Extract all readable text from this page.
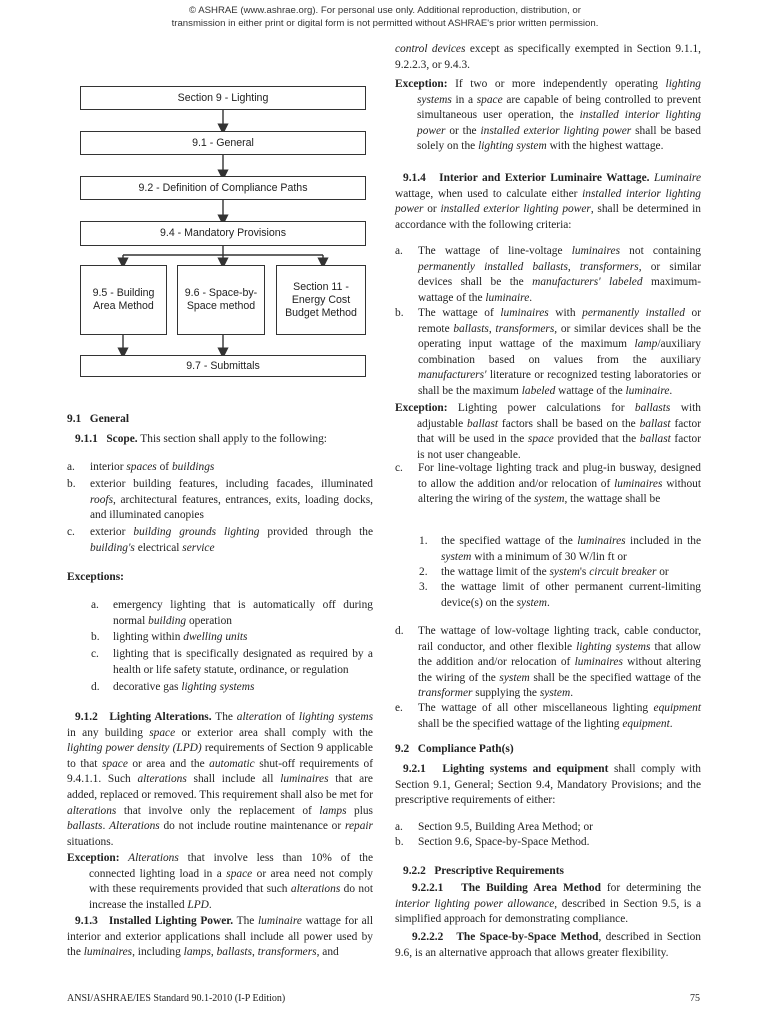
© ASHRAE (www.ashrae.org). For personal use only. Additional reproduction, distribution, or
transmission in either print or digital form is not permitted without ASHRAE's prior written permission.
Section 9 - Lighting
9.1 - General
9.2 - Definition of Compliance Paths
9.4 - Mandatory Provisions
9.5 - Building
Area Method
9.6 - Space-by-
Space method
Section 11 -
Energy Cost
Budget Method
9.7 - Submittals
9.1 General
9.1.1 Scope. This section shall apply to the following:
a. interior spaces of buildings
b. exterior building features, including facades, illuminated roofs, architectural features, entrances, exits, loading docks, and illuminated canopies
c. exterior building grounds lighting provided through the building's electrical service
Exceptions:
a. emergency lighting that is automatically off during normal building operation
b. lighting within dwelling units
c. lighting that is specifically designated as required by a health or life safety statute, ordinance, or regulation
d. decorative gas lighting systems
9.1.2 Lighting Alterations. The alteration of lighting systems in any building space or exterior area shall comply with the lighting power density (LPD) requirements of Section 9 applicable to that space or area and the automatic shut-off requirements of 9.4.1.1. Such alterations shall include all luminaires that are added, replaced or removed. This requirement shall also be met for alterations that involve only the replacement of lamps plus ballasts. Alterations do not include routine maintenance or repair situations.
Exception: Alterations that involve less than 10% of the connected lighting load in a space or area need not comply with these requirements provided that such alterations do not increase the installed LPD.
9.1.3 Installed Lighting Power. The luminaire wattage for all interior and exterior applications shall include all power used by the luminaires, including lamps, ballasts, transformers, and
control devices except as specifically exempted in Section 9.1.1, 9.2.2.3, or 9.4.3.
Exception: If two or more independently operating lighting systems in a space are capable of being controlled to prevent simultaneous user operation, the installed interior lighting power or the installed exterior lighting power shall be based solely on the lighting system with the highest wattage.
9.1.4 Interior and Exterior Luminaire Wattage. Luminaire wattage, when used to calculate either installed interior lighting power or installed exterior lighting power, shall be determined in accordance with the following criteria:
a. The wattage of line-voltage luminaires not containing permanently installed ballasts, transformers, or similar devices shall be the manufacturers' labeled maximum-wattage of the luminaire.
b. The wattage of luminaires with permanently installed or remote ballasts, transformers, or similar devices shall be the operating input wattage of the maximum lamp/auxiliary combination based on values from the auxiliary manufacturers' literature or recognized testing laboratories or shall be the maximum labeled wattage of the luminaire.
Exception: Lighting power calculations for ballasts with adjustable ballast factors shall be based on the ballast factor that will be used in the space provided that the ballast factor is not user changeable.
c. For line-voltage lighting track and plug-in busway, designed to allow the addition and/or relocation of luminaires without altering the wiring of the system, the wattage shall be
1. the specified wattage of the luminaires included in the system with a minimum of 30 W/lin ft or
2. the wattage limit of the system's circuit breaker or
3. the wattage limit of other permanent current-limiting device(s) on the system.
d. The wattage of low-voltage lighting track, cable conductor, rail conductor, and other flexible lighting systems that allow the addition and/or relocation of luminaires without altering the wiring of the system shall be the specified wattage of the transformer supplying the system.
e. The wattage of all other miscellaneous lighting equipment shall be the specified wattage of the lighting equipment.
9.2 Compliance Path(s)
9.2.1 Lighting systems and equipment shall comply with Section 9.1, General; Section 9.4, Mandatory Provisions; and the prescriptive requirements of either:
a. Section 9.5, Building Area Method; or
b. Section 9.6, Space-by-Space Method.
9.2.2 Prescriptive Requirements
9.2.2.1 The Building Area Method for determining the interior lighting power allowance, described in Section 9.5, is a simplified approach for demonstrating compliance.
9.2.2.2 The Space-by-Space Method, described in Section 9.6, is an alternative approach that allows greater flexibility.
ANSI/ASHRAE/IES Standard 90.1-2010 (I-P Edition)	75
